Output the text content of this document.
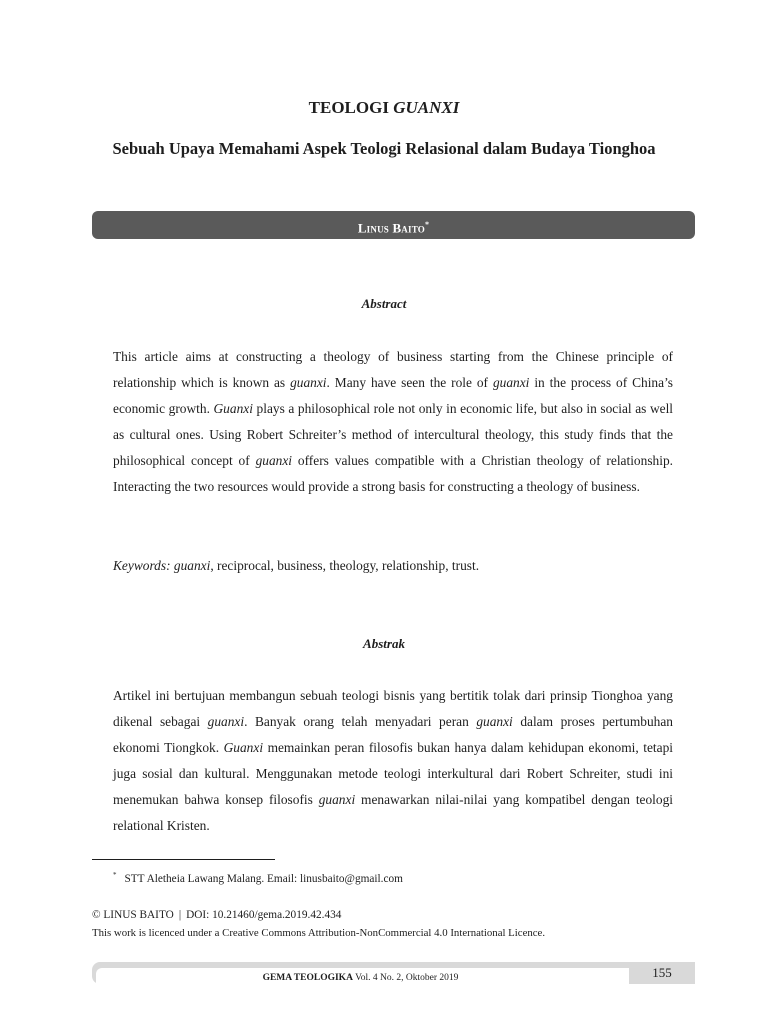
TEOLOGI GUANXI
Sebuah Upaya Memahami Aspek Teologi Relasional dalam Budaya Tionghoa
Linus Baito*
Abstract

This article aims at constructing a theology of business starting from the Chinese principle of relationship which is known as guanxi. Many have seen the role of guanxi in the process of China’s economic growth. Guanxi plays a philosophical role not only in economic life, but also in social as well as cultural ones. Using Robert Schreiter’s method of intercultural theology, this study finds that the philosophical concept of guanxi offers values compatible with a Christian theology of relationship. Interacting the two resources would provide a strong basis for constructing a theology of business.

Keywords: guanxi, reciprocal, business, theology, relationship, trust.

Abstrak

Artikel ini bertujuan membangun sebuah teologi bisnis yang bertitik tolak dari prinsip Tionghoa yang dikenal sebagai guanxi. Banyak orang telah menyadari peran guanxi dalam proses pertumbuhan ekonomi Tiongkok. Guanxi memainkan peran filosofis bukan hanya dalam kehidupan ekonomi, tetapi juga sosial dan kultural. Menggunakan metode teologi interkultural dari Robert Schreiter, studi ini menemukan bahwa konsep filosofis guanxi menawarkan nilai-nilai yang kompatibel dengan teologi relational Kristen.

* STT Aletheia Lawang Malang. Email: linusbaito@gmail.com

© LINUS BAITO | DOI: 10.21460/gema.2019.42.434

This work is licenced under a Creative Commons Attribution-NonCommercial 4.0 International Licence.

GEMA TEOLOGIKA Vol. 4 No. 2, Oktober 2019	155
